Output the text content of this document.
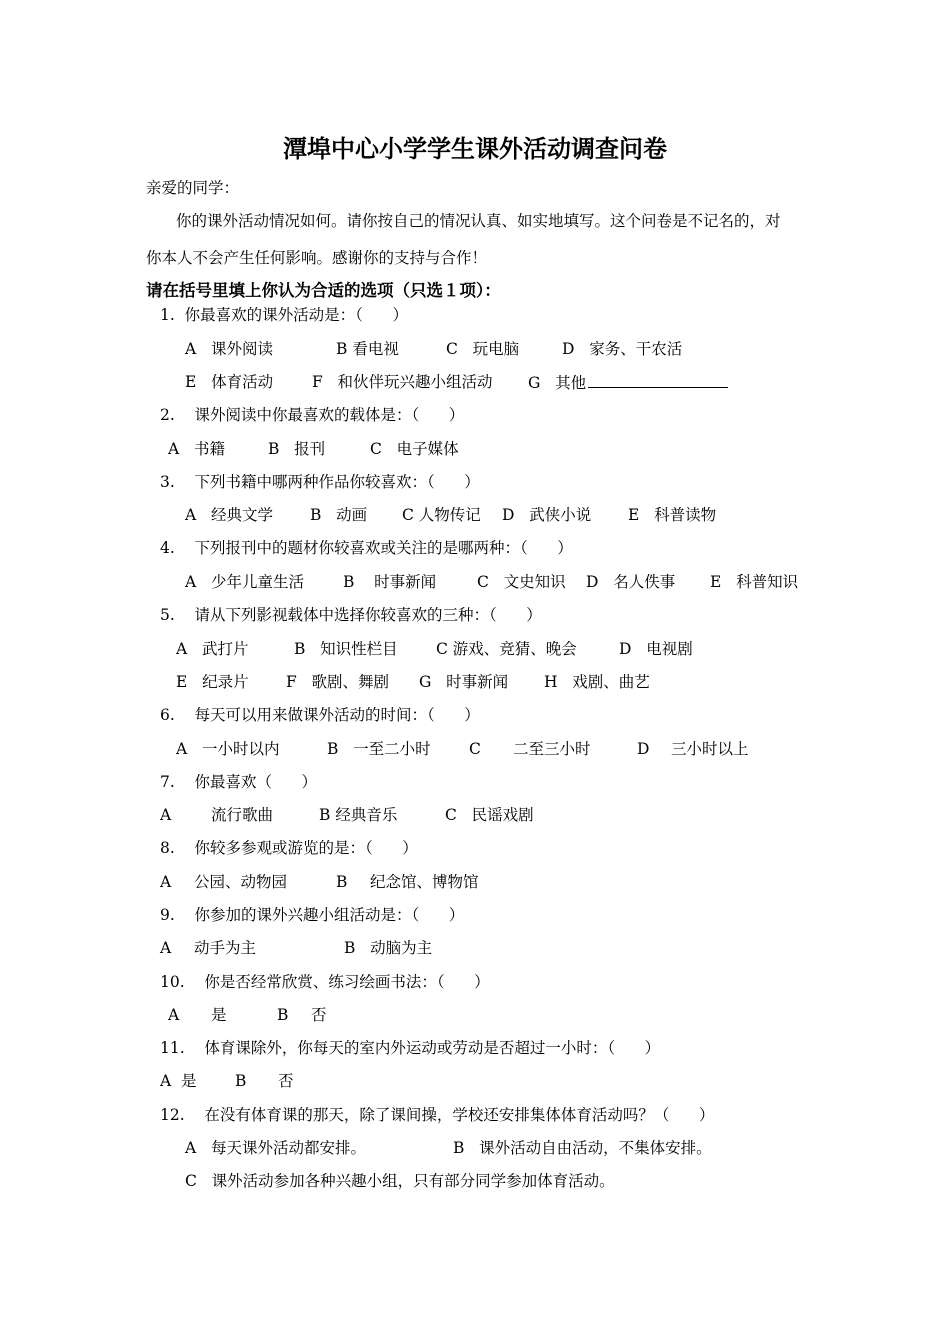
潭埠中心小学学生课外活动调查问卷
亲爱的同学：
你的课外活动情况如何。请你按自己的情况认真、如实地填写。这个问卷是不记名的，对
你本人不会产生任何影响。感谢你的支持与合作！
请在括号里填上你认为合适的选项（只选１项）：
1.  你最喜欢的课外活动是：（      ）
A   课外阅读	B 看电视	C   玩电脑	D   家务、干农活
E   体育活动	F   和伙伴玩兴趣小组活动 G   其他
2.    课外阅读中你最喜欢的载体是：（      ）
A   书籍	B   报刊	C   电子媒体
3.    下列书籍中哪两种作品你较喜欢：（      ）
A   经典文学 B   动画 C 人物传记 D   武侠小说 E   科普读物
4.    下列报刊中的题材你较喜欢或关注的是哪两种：（      ）
A   少年儿童生活	B    时事新闻	C   文史知识 D   名人佚事 E   科普知识
5.    请从下列影视载体中选择你较喜欢的三种：（      ）
A   武打片	B   知识性栏目 C 游戏、竞猜、晚会	D   电视剧
E   纪录片 F   歌剧、舞剧 G   时事新闻 H   戏剧、曲艺
6.    每天可以用来做课外活动的时间：（      ）
A   一小时以内	B   一至二小时 C 二至三小时	D 三小时以上
7.    你最喜欢（      ）
A	流行歌曲	B 经典音乐	C   民谣戏剧
8.    你较多参观或游览的是：（      ）
A 公园、动物园	B 纪念馆、博物馆
9.    你参加的课外兴趣小组活动是：（      ）
A 动手为主	B   动脑为主
10.    你是否经常欣赏、练习绘画书法：（      ）
A 是	B 否
11.    体育课除外，你每天的室内外运动或劳动是否超过一小时：（      ）
A  是 B 否
12.    在没有体育课的那天，除了课间操，学校还安排集体体育活动吗？（      ）
A   每天课外活动都安排。	B   课外活动自由活动，不集体安排。
C   课外活动参加各种兴趣小组，只有部分同学参加体育活动。
